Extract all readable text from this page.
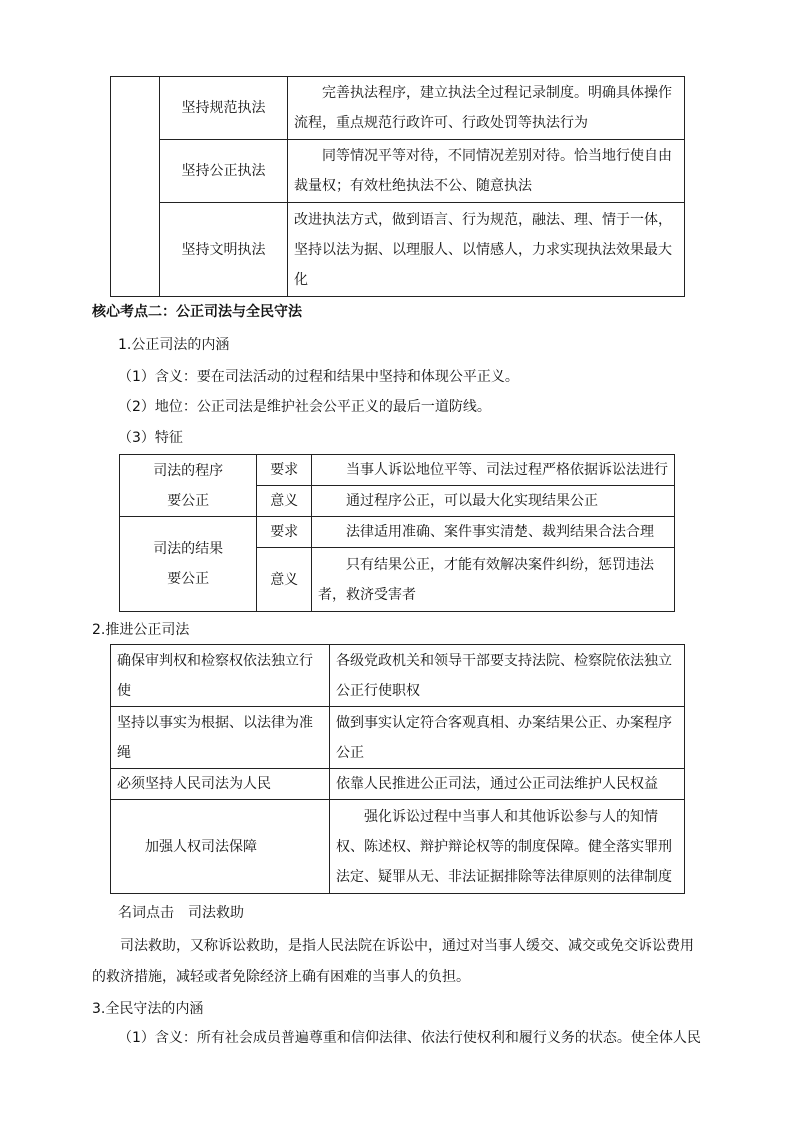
	坚持规范执法	完善执法程序，建立执法全过程记录制度。明确具体操作流程，重点规范行政许可、行政处罚等执法行为
	坚持公正执法	同等情况平等对待，不同情况差别对待。恰当地行使自由裁量权；有效杜绝执法不公、随意执法
	坚持文明执法	改进执法方式，做到语言、行为规范，融法、理、情于一体，坚持以法为据、以理服人、以情感人，力求实现执法效果最大化
核心考点二：公正司法与全民守法
1.公正司法的内涵
（1）含义：要在司法活动的过程和结果中坚持和体现公平正义。
（2）地位：公正司法是维护社会公平正义的最后一道防线。
（3）特征
司法的程序
要公正	要求	当事人诉讼地位平等、司法过程严格依据诉讼法进行
	意义	通过程序公正，可以最大化实现结果公正

司法的结果
要公正	要求	法律适用准确、案件事实清楚、裁判结果合法合理
	意义	只有结果公正，才能有效解决案件纠纷，惩罚违法者，救济受害者
2.推进公正司法
确保审判权和检察权依法独立行使	各级党政机关和领导干部要支持法院、检察院依法独立公正行使职权
坚持以事实为根据、以法律为准绳	做到事实认定符合客观真相、办案结果公正、办案程序公正
必须坚持人民司法为人民	依靠人民推进公正司法，通过公正司法维护人民权益
加强人权司法保障	强化诉讼过程中当事人和其他诉讼参与人的知情权、陈述权、辩护辩论权等的制度保障。健全落实罪刑法定、疑罪从无、非法证据排除等法律原则的法律制度
名词点击　司法救助
司法救助，又称诉讼救助，是指人民法院在诉讼中，通过对当事人缓交、减交或免交诉讼费用的救济措施，减轻或者免除经济上确有困难的当事人的负担。
3.全民守法的内涵
（1）含义：所有社会成员普遍尊重和信仰法律、依法行使权利和履行义务的状态。使全体人民
